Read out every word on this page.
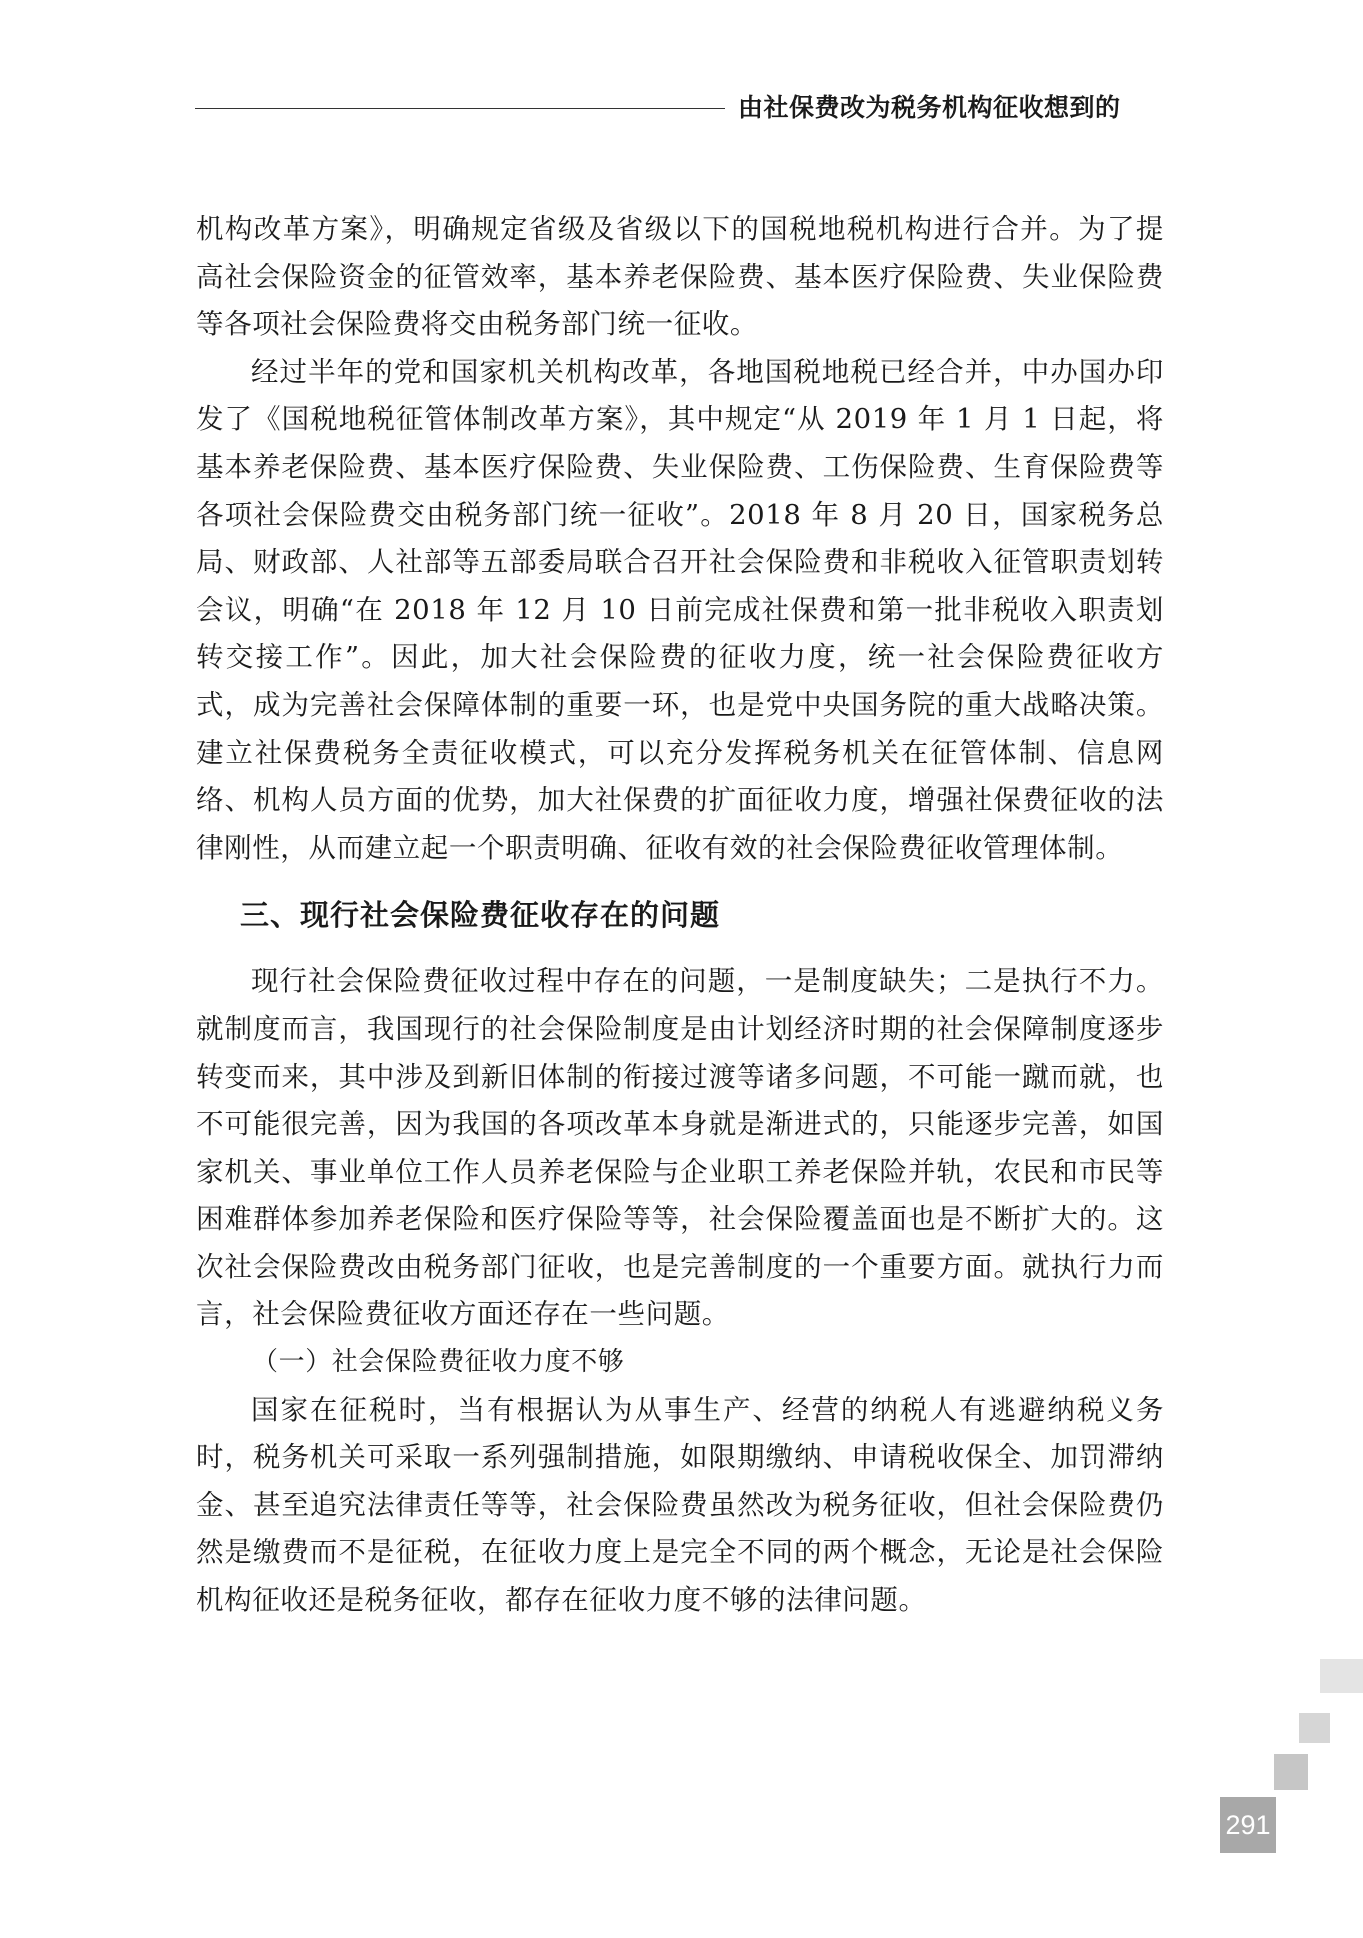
由社保费改为税务机构征收想到的

机构改革方案》，明确规定省级及省级以下的国税地税机构进行合并。为了提高社会保险资金的征管效率，基本养老保险费、基本医疗保险费、失业保险费等各项社会保险费将交由税务部门统一征收。

经过半年的党和国家机关机构改革，各地国税地税已经合并，中办国办印发了《国税地税征管体制改革方案》，其中规定“从 2019 年 1 月 1 日起，将基本养老保险费、基本医疗保险费、失业保险费、工伤保险费、生育保险费等各项社会保险费交由税务部门统一征收”。2018 年 8 月 20 日，国家税务总局、财政部、人社部等五部委局联合召开社会保险费和非税收入征管职责划转会议，明确“在 2018 年 12 月 10 日前完成社保费和第一批非税收入职责划转交接工作”。因此，加大社会保险费的征收力度，统一社会保险费征收方式，成为完善社会保障体制的重要一环，也是党中央国务院的重大战略决策。建立社保费税务全责征收模式，可以充分发挥税务机关在征管体制、信息网络、机构人员方面的优势，加大社保费的扩面征收力度，增强社保费征收的法律刚性，从而建立起一个职责明确、征收有效的社会保险费征收管理体制。

三、现行社会保险费征收存在的问题

现行社会保险费征收过程中存在的问题，一是制度缺失；二是执行不力。就制度而言，我国现行的社会保险制度是由计划经济时期的社会保障制度逐步转变而来，其中涉及到新旧体制的衔接过渡等诸多问题，不可能一蹴而就，也不可能很完善，因为我国的各项改革本身就是渐进式的，只能逐步完善，如国家机关、事业单位工作人员养老保险与企业职工养老保险并轨，农民和市民等困难群体参加养老保险和医疗保险等等，社会保险覆盖面也是不断扩大的。这次社会保险费改由税务部门征收，也是完善制度的一个重要方面。就执行力而言，社会保险费征收方面还存在一些问题。

（一）社会保险费征收力度不够

国家在征税时，当有根据认为从事生产、经营的纳税人有逃避纳税义务时，税务机关可采取一系列强制措施，如限期缴纳、申请税收保全、加罚滞纳金、甚至追究法律责任等等，社会保险费虽然改为税务征收，但社会保险费仍然是缴费而不是征税，在征收力度上是完全不同的两个概念，无论是社会保险机构征收还是税务征收，都存在征收力度不够的法律问题。

291
